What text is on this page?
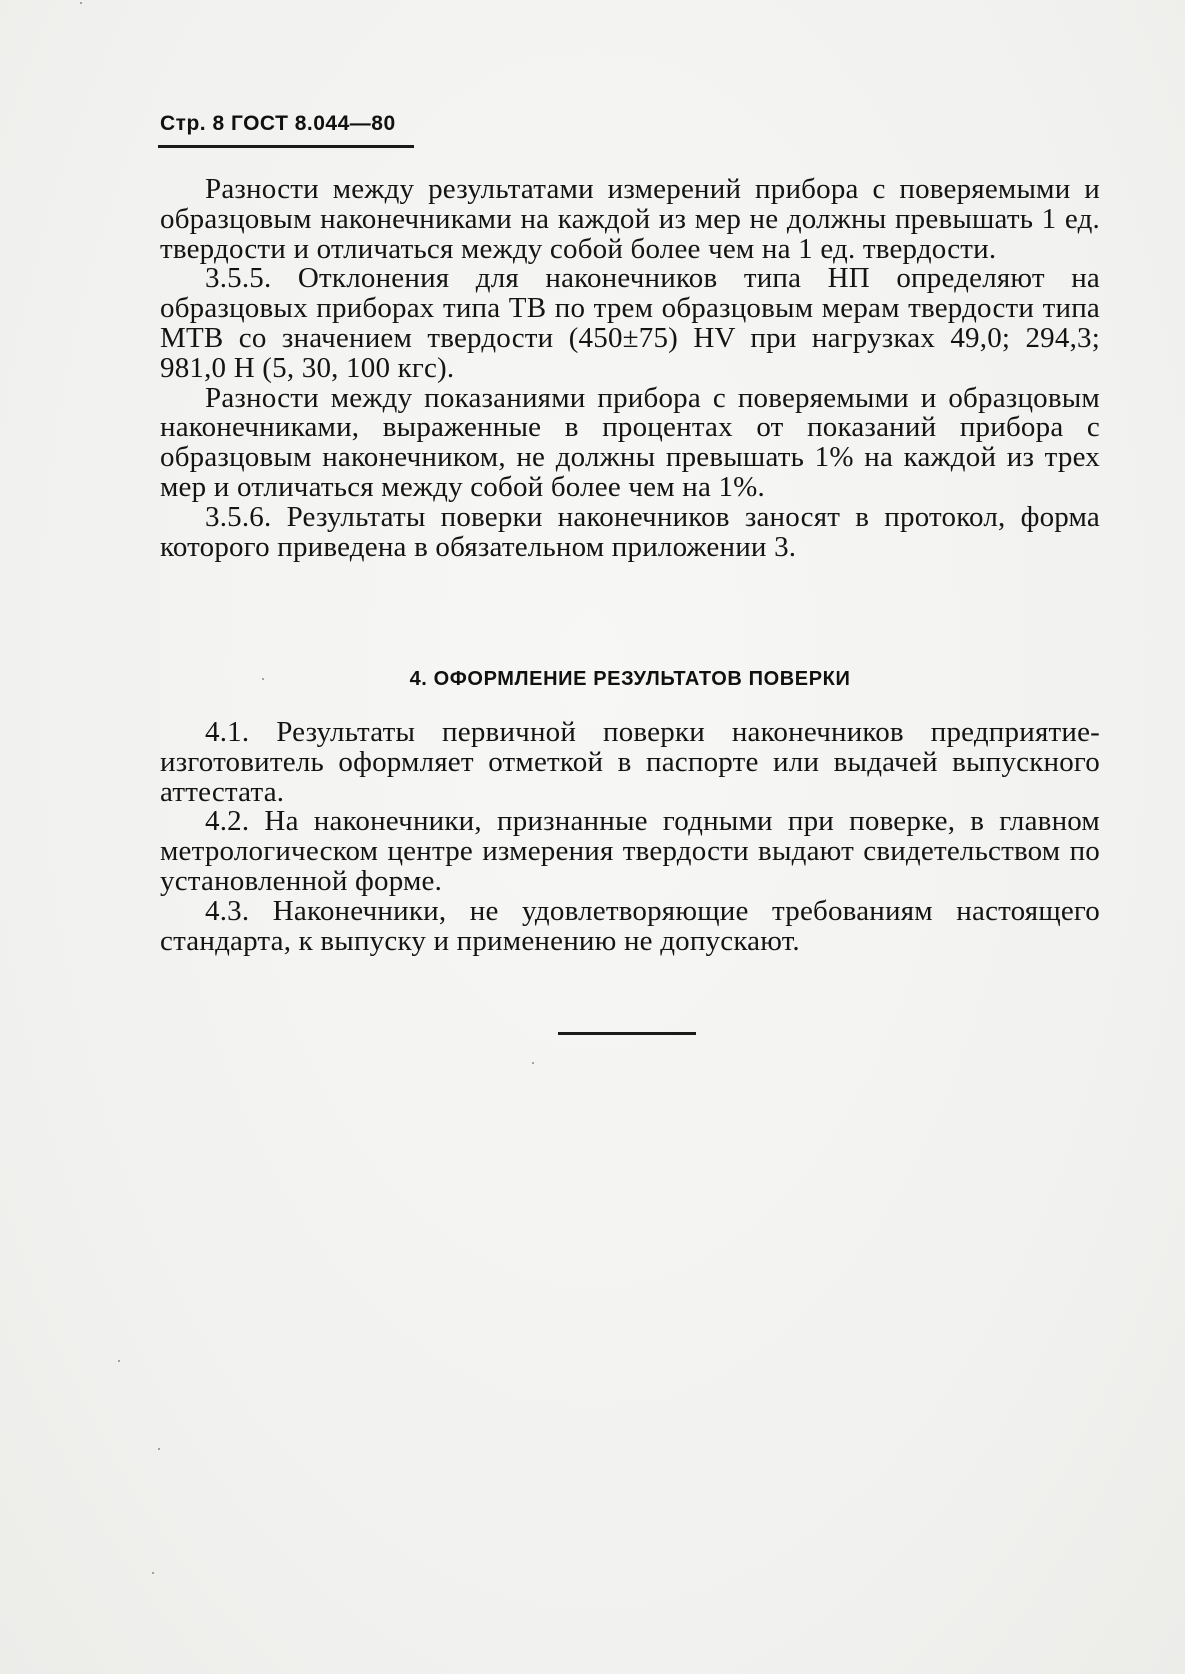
Стр. 8 ГОСТ 8.044—80

Разности между результатами измерений прибора с поверяемыми и образцовым наконечниками на каждой из мер не должны превышать 1 ед. твердости и отличаться между собой более чем на 1 ед. твердости.

3.5.5. Отклонения для наконечников типа НП определяют на образцовых приборах типа ТВ по трем образцовым мерам твердости типа МТВ со значением твердости (450±75) HV при нагрузках 49,0; 294,3; 981,0 Н (5, 30, 100 кгс).

Разности между показаниями прибора с поверяемыми и образцовым наконечниками, выраженные в процентах от показаний прибора с образцовым наконечником, не должны превышать 1% на каждой из трех мер и отличаться между собой более чем на 1%.

3.5.6. Результаты поверки наконечников заносят в протокол, форма которого приведена в обязательном приложении 3.

4. ОФОРМЛЕНИЕ РЕЗУЛЬТАТОВ ПОВЕРКИ

4.1. Результаты первичной поверки наконечников предприятие-изготовитель оформляет отметкой в паспорте или выдачей выпускного аттестата.

4.2. На наконечники, признанные годными при поверке, в главном метрологическом центре измерения твердости выдают свидетельством по установленной форме.

4.3. Наконечники, не удовлетворяющие требованиям настоящего стандарта, к выпуску и применению не допускают.
